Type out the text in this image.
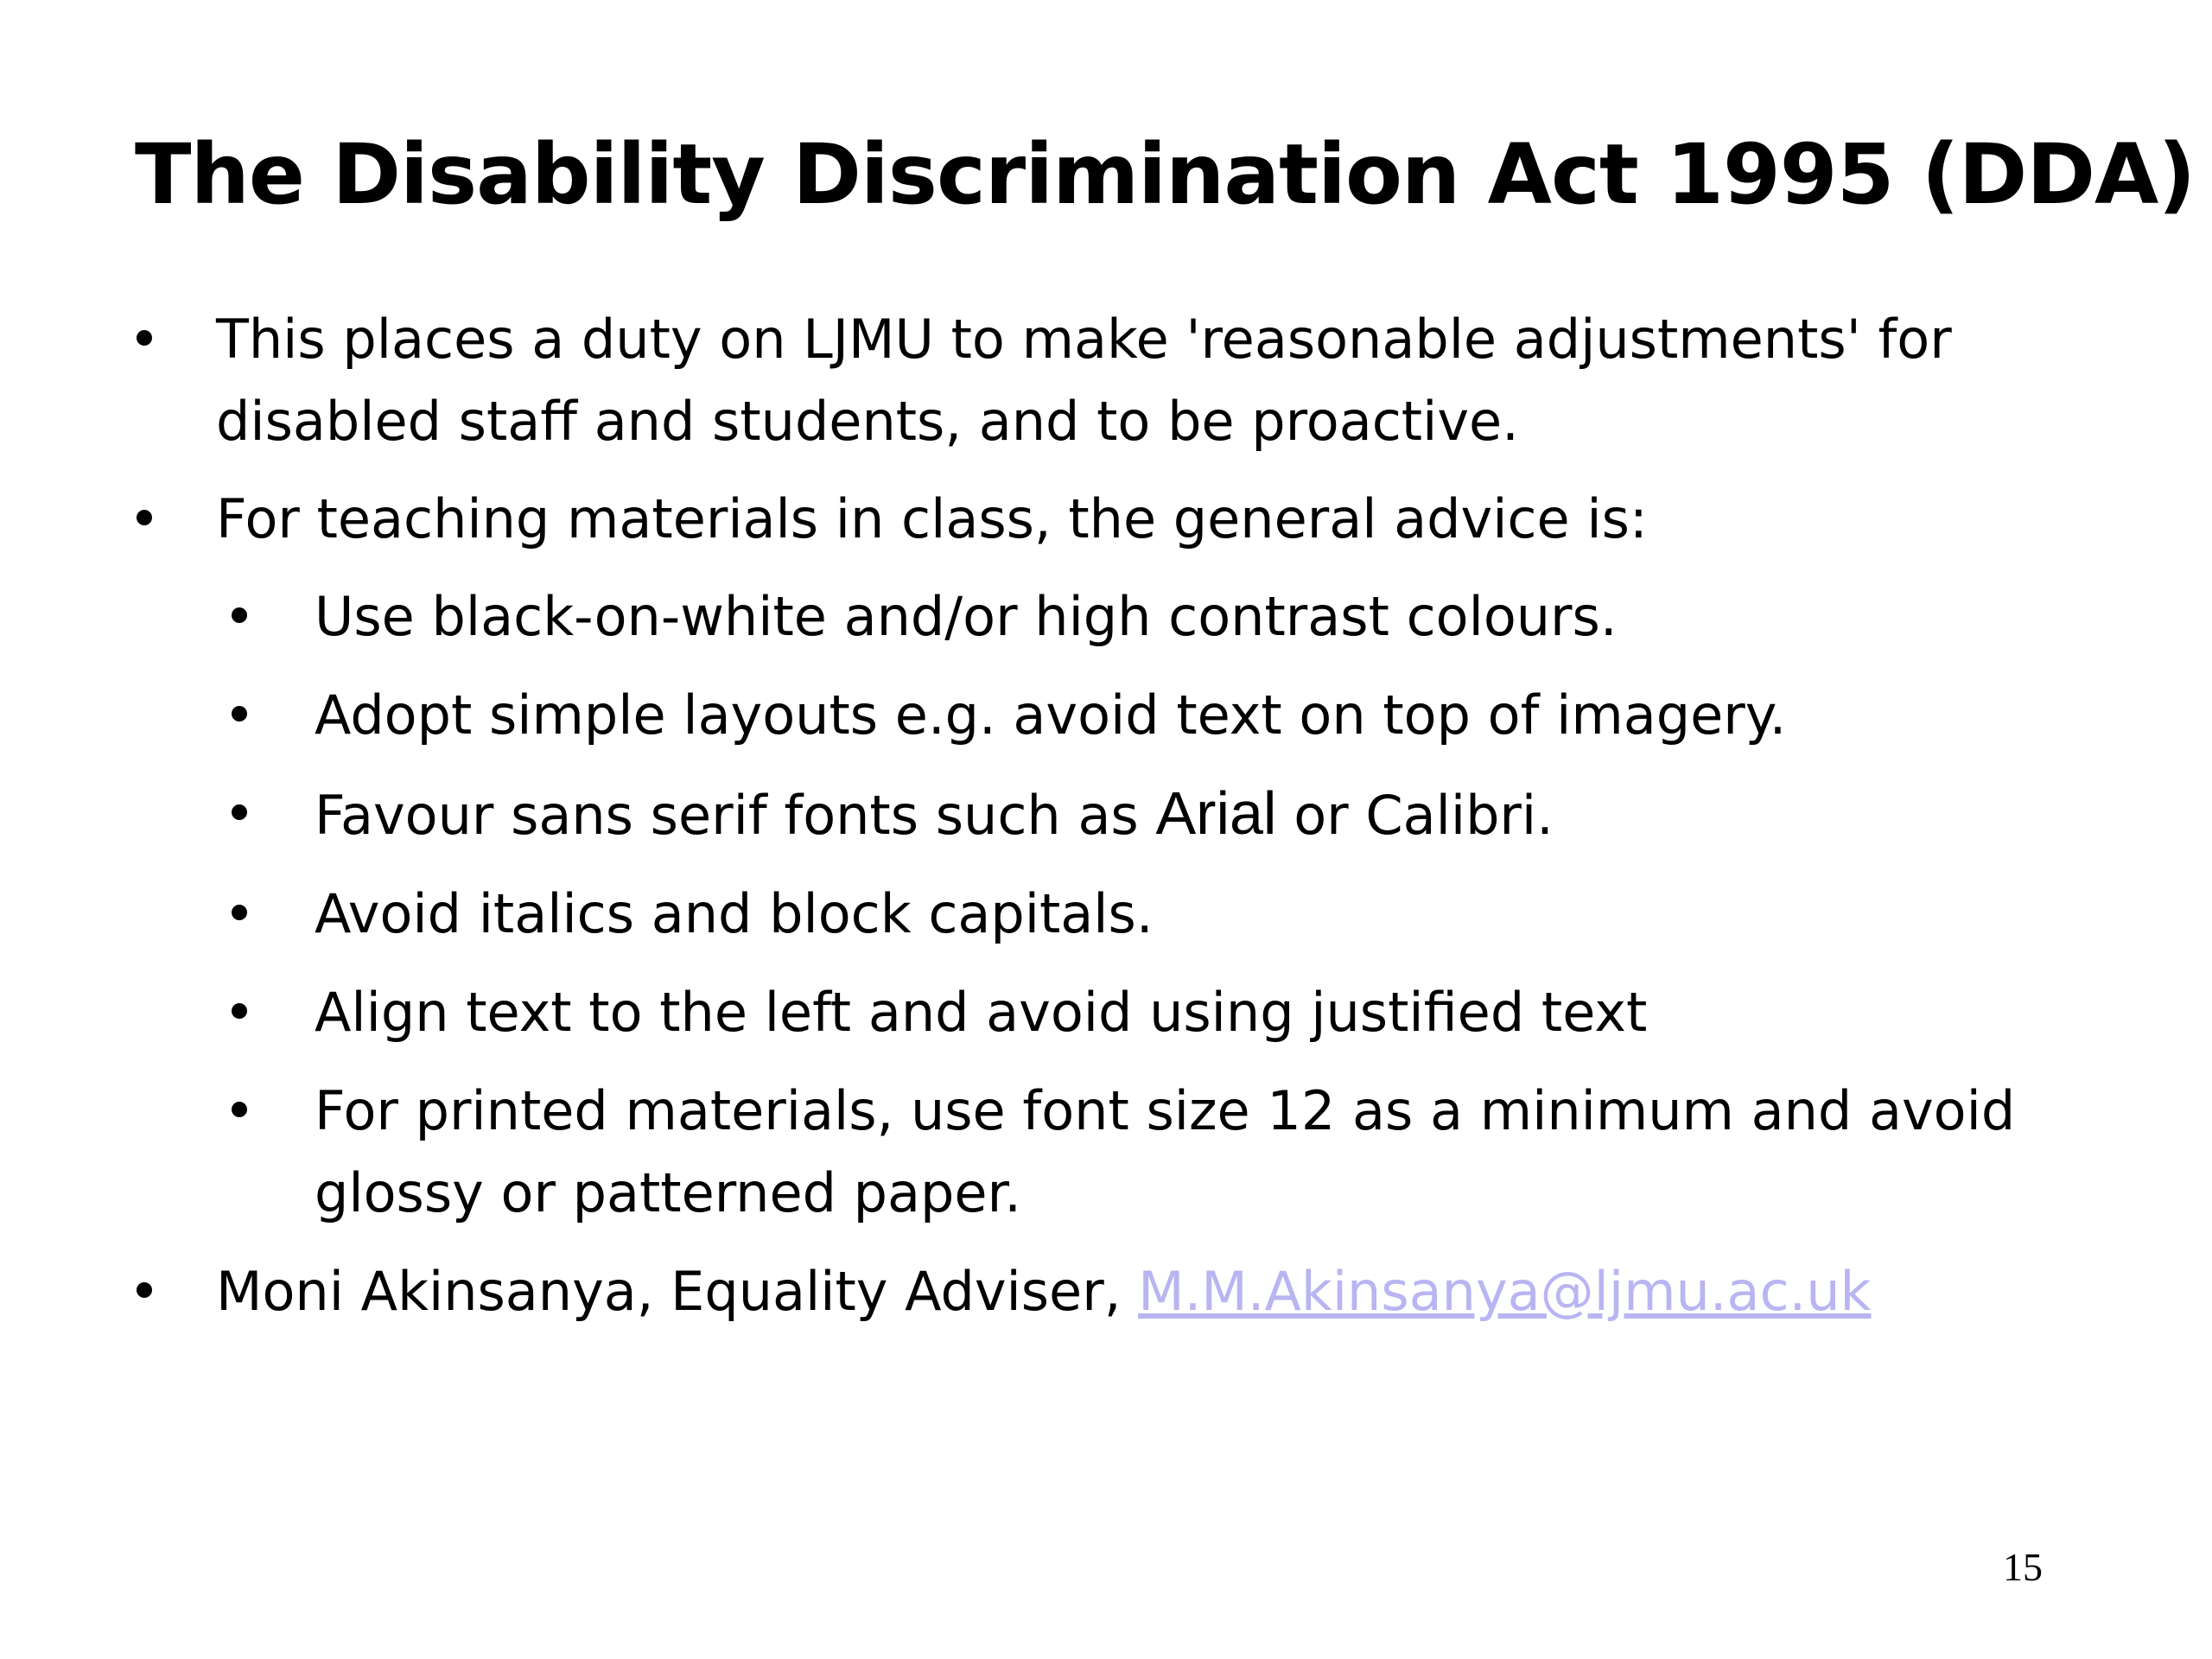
The Disability Discrimination Act 1995 (DDA)

This places a duty on LJMU to make 'reasonable adjustments' for disabled staff and students, and to be proactive.

For teaching materials in class, the general advice is:

Use black-on-white and/or high contrast colours.

Adopt simple layouts e.g. avoid text on top of imagery.

Favour sans serif fonts such as Arial or Calibri.

Avoid italics and block capitals.

Align text to the left and avoid using justified text

For printed materials, use font size 12 as a minimum and avoid glossy or patterned paper.

Moni Akinsanya, Equality Adviser, M.M.Akinsanya@ljmu.ac.uk

15
